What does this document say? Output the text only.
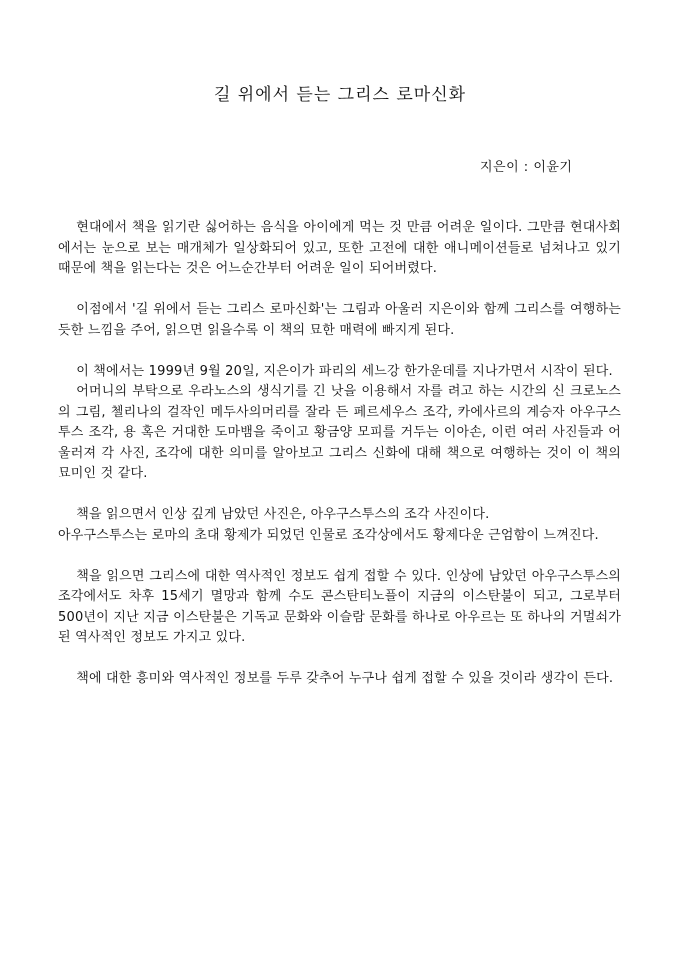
길 위에서 듣는 그리스 로마신화
지은이 : 이윤기

현대에서 책을 읽기란 싫어하는 음식을 아이에게 먹는 것 만큼 어려운 일이다. 그만큼 현대사회에서는 눈으로 보는 매개체가 일상화되어 있고, 또한 고전에 대한 애니메이션들로 넘쳐나고 있기 때문에 책을 읽는다는 것은 어느순간부터 어려운 일이 되어버렸다.

이점에서 '길 위에서 듣는 그리스 로마신화'는 그림과 아울러 지은이와 함께 그리스를 여행하는 듯한 느낌을 주어, 읽으면 읽을수록 이 책의 묘한 매력에 빠지게 된다.

이 책에서는 1999년 9월 20일, 지은이가 파리의 세느강 한가운데를 지나가면서 시작이 된다.

어머니의 부탁으로 우라노스의 생식기를 긴 낫을 이용해서 자를 려고 하는 시간의 신 크로노스의 그림, 첼리나의 걸작인 메두사의머리를 잘라 든 페르세우스 조각, 카에사르의 계승자 아우구스투스 조각, 용 혹은 거대한 도마뱀을 죽이고 황금양 모피를 거두는 이아손, 이런 여러 사진들과 어울러져 각 사진, 조각에 대한 의미를 알아보고 그리스 신화에 대해 책으로 여행하는 것이 이 책의 묘미인 것 같다.

책을 읽으면서 인상 깊게 남았던 사진은, 아우구스투스의 조각 사진이다.

아우구스투스는 로마의 초대 황제가 되었던 인물로 조각상에서도 황제다운 근엄함이 느껴진다.

책을 읽으면 그리스에 대한 역사적인 정보도 쉽게 접할 수 있다. 인상에 남았던 아우구스투스의 조각에서도 차후 15세기 멸망과 함께 수도 콘스탄티노플이 지금의 이스탄불이 되고, 그로부터 500년이 지난 지금 이스탄불은 기독교 문화와 이슬람 문화를 하나로 아우르는 또 하나의 거멀쇠가 된 역사적인 정보도 가지고 있다.

책에 대한 흥미와 역사적인 정보를 두루 갖추어 누구나 쉽게 접할 수 있을 것이라 생각이 든다.
